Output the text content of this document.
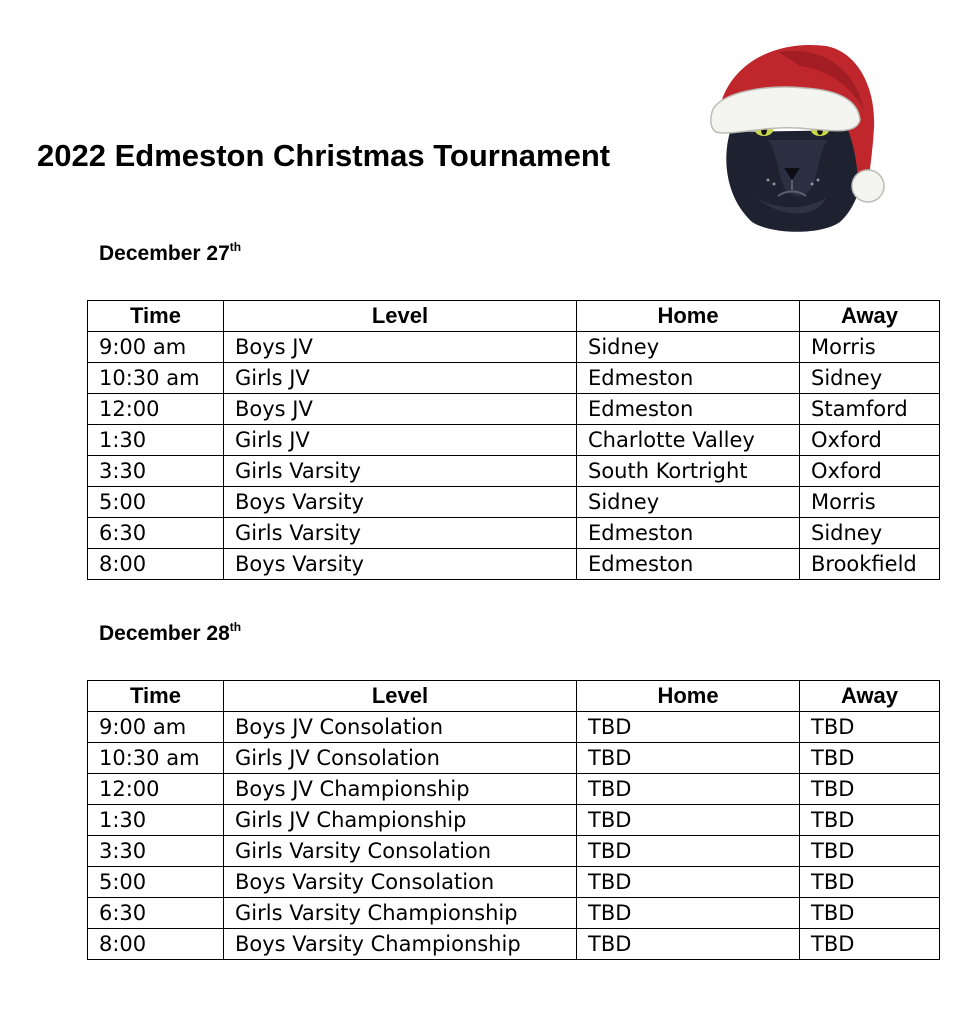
2022 Edmeston Christmas Tournament
December 27th
Time	Level	Home	Away
9:00 am	Boys JV	Sidney	Morris
10:30 am	Girls JV	Edmeston	Sidney
12:00	Boys JV	Edmeston	Stamford
1:30	Girls JV	Charlotte Valley	Oxford
3:30	Girls Varsity	South Kortright	Oxford
5:00	Boys Varsity	Sidney	Morris
6:30	Girls Varsity	Edmeston	Sidney
8:00	Boys Varsity	Edmeston	Brookfield
December 28th
Time	Level	Home	Away
9:00 am	Boys JV Consolation	TBD	TBD
10:30 am	Girls JV Consolation	TBD	TBD
12:00	Boys JV Championship	TBD	TBD
1:30	Girls JV Championship	TBD	TBD
3:30	Girls Varsity Consolation	TBD	TBD
5:00	Boys Varsity Consolation	TBD	TBD
6:30	Girls Varsity Championship	TBD	TBD
8:00	Boys Varsity Championship	TBD	TBD
